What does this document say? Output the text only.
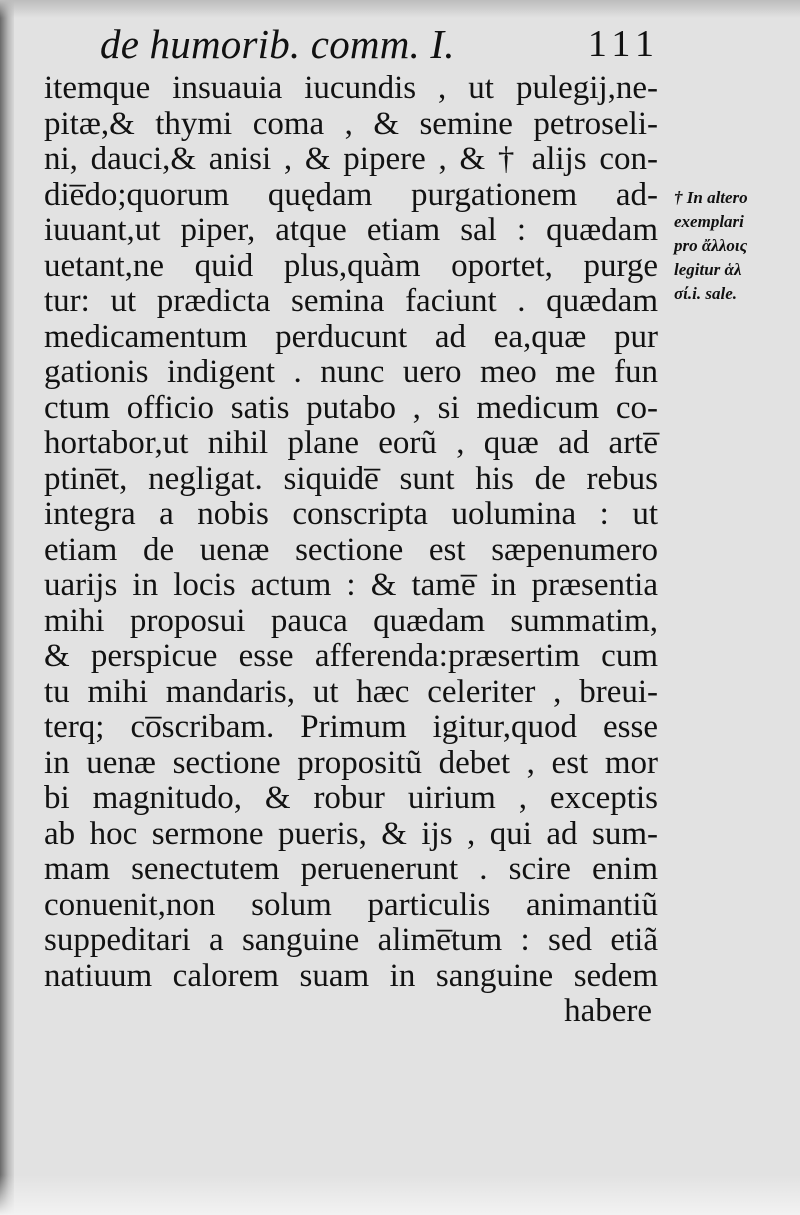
de humorib. comm. I.	111
itemque insuauia iucundis , ut pulegij,ne-
pitæ,& thymi coma , & semine petroseli-
ni, dauci,& anisi , & pipere , & † alijs con-
die̅do;quorum quędam purgationem ad-
iuuant,ut piper, atque etiam sal : quædam
uetant,ne quid plus,quàm oportet, purge
tur: ut prædicta semina faciunt . quædam
medicamentum perducunt ad ea,quæ pur
gationis indigent . nunc uero meo me fun
ctum officio satis putabo , si medicum co-
hortabor,ut nihil plane eorũ , quæ ad arte̅
ptine̅t, negligat. siquide̅ sunt his de rebus
integra a nobis conscripta uolumina : ut
etiam de uenæ sectione est sæpenumero
uarijs in locis actum : & tame̅ in præsentia
mihi proposui pauca quædam summatim,
& perspicue esse afferenda:præsertim cum
tu mihi mandaris, ut hæc celeriter , breui-
terq; co̅scribam. Primum igitur,quod esse
in uenæ sectione propositũ debet , est mor
bi magnitudo, & robur uirium , exceptis
ab hoc sermone pueris, & ijs , qui ad sum-
mam senectutem peruenerunt . scire enim
conuenit,non solum particulis animantiũ
suppeditari a sanguine alime̅tum : sed etiã
natiuum calorem suam in sanguine sedem
habere
† In altero
exemplari
pro ἄλλοις
legitur ἁλ
σί.i. sale.
